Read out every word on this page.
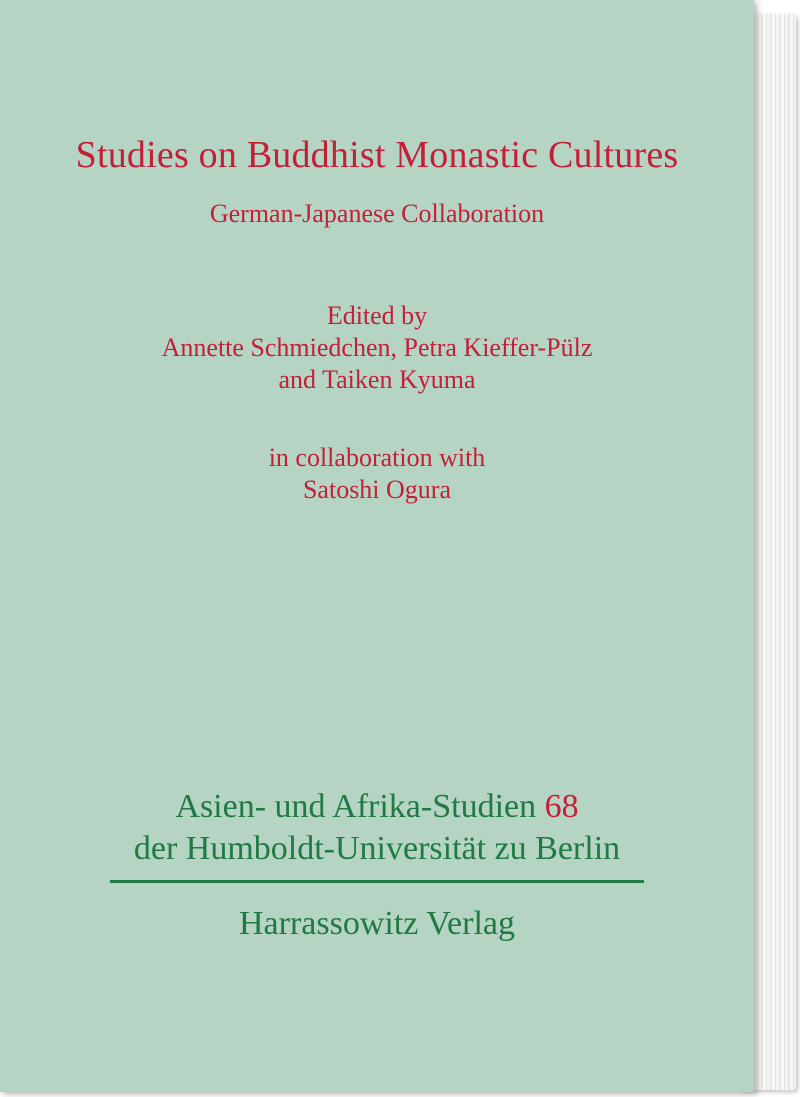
Studies on Buddhist Monastic Cultures
German-Japanese Collaboration
Edited by
Annette Schmiedchen, Petra Kieffer-Pülz
and Taiken Kyuma
in collaboration with
Satoshi Ogura
Asien- und Afrika-Studien 68
der Humboldt-Universität zu Berlin
Harrassowitz Verlag
